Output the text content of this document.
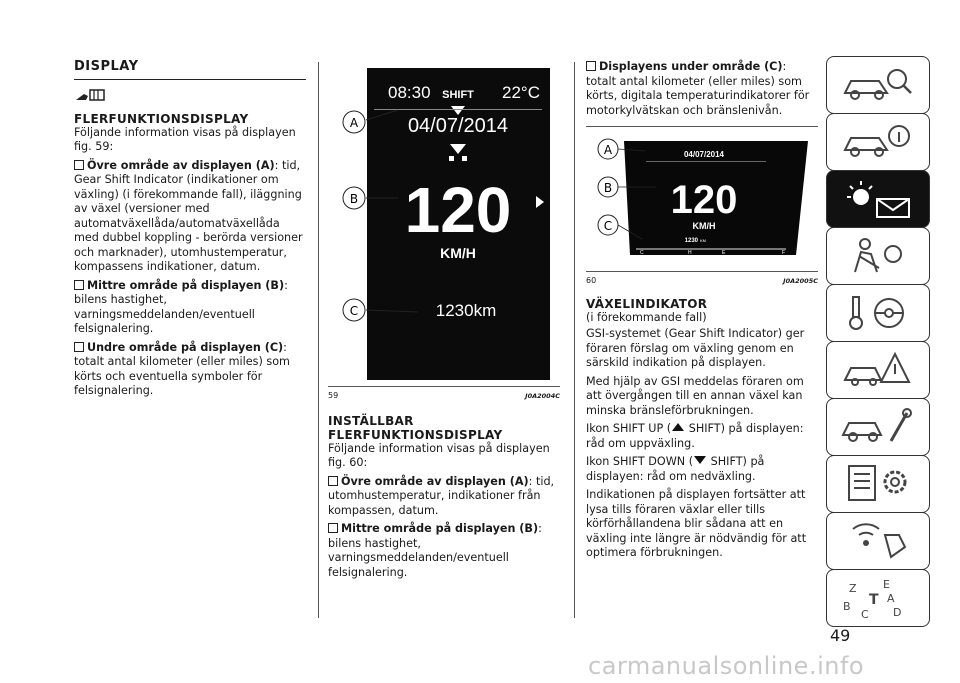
DISPLAY
FLERFUNKTIONSDISPLAY

Följande information visas på displayen fig. 59:

Övre område av displayen (A): tid, Gear Shift Indicator (indikationer om växling) (i förekommande fall), iläggning av växel (versioner med automatväxellåda/automatväxellåda med dubbel koppling - berörda versioner och marknader), utomhustemperatur, kompassens indikationer, datum.

Mittre område på displayen (B): bilens hastighet, varningsmeddelanden/eventuell felsignalering.

Undre område på displayen (C): totalt antal kilometer (eller miles) som körts och eventuella symboler för felsignalering.

08:30 SHIFT 22°C
04/07/2014
120
KM/H
1230km
A
B
C
59	J0A2004C
INSTÄLLBAR
FLERFUNKTIONSDISPLAY

Följande information visas på displayen fig. 60:

Övre område av displayen (A): tid, utomhustemperatur, indikationer från kompassen, datum.

Mittre område på displayen (B): bilens hastighet, varningsmeddelanden/eventuell felsignalering.

Displayens under område (C): totalt antal kilometer (eller miles) som körts, digitala temperaturindikatorer för motorkylvätskan och bränslenivån.

04/07/2014
120
KM/H
1230 KM
C	H	E	F
A
B
C
60	J0A2005C
VÄXELINDIKATOR

(i förekommande fall)

GSI-systemet (Gear Shift Indicator) ger föraren förslag om växling genom en särskild indikation på displayen.

Med hjälp av GSI meddelas föraren om att övergången till en annan växel kan minska bränsleförbrukningen.

Ikon SHIFT UP ( SHIFT) på displayen: råd om uppväxling.

Ikon SHIFT DOWN ( SHIFT) på displayen: råd om nedväxling.

Indikationen på displayen fortsätter att lysa tills föraren växlar eller tills körförhållandena blir sådana att en växling inte längre är nödvändig för att optimera förbrukningen.

Z E
B
A
C D
T
49
carmanualsonline.info
